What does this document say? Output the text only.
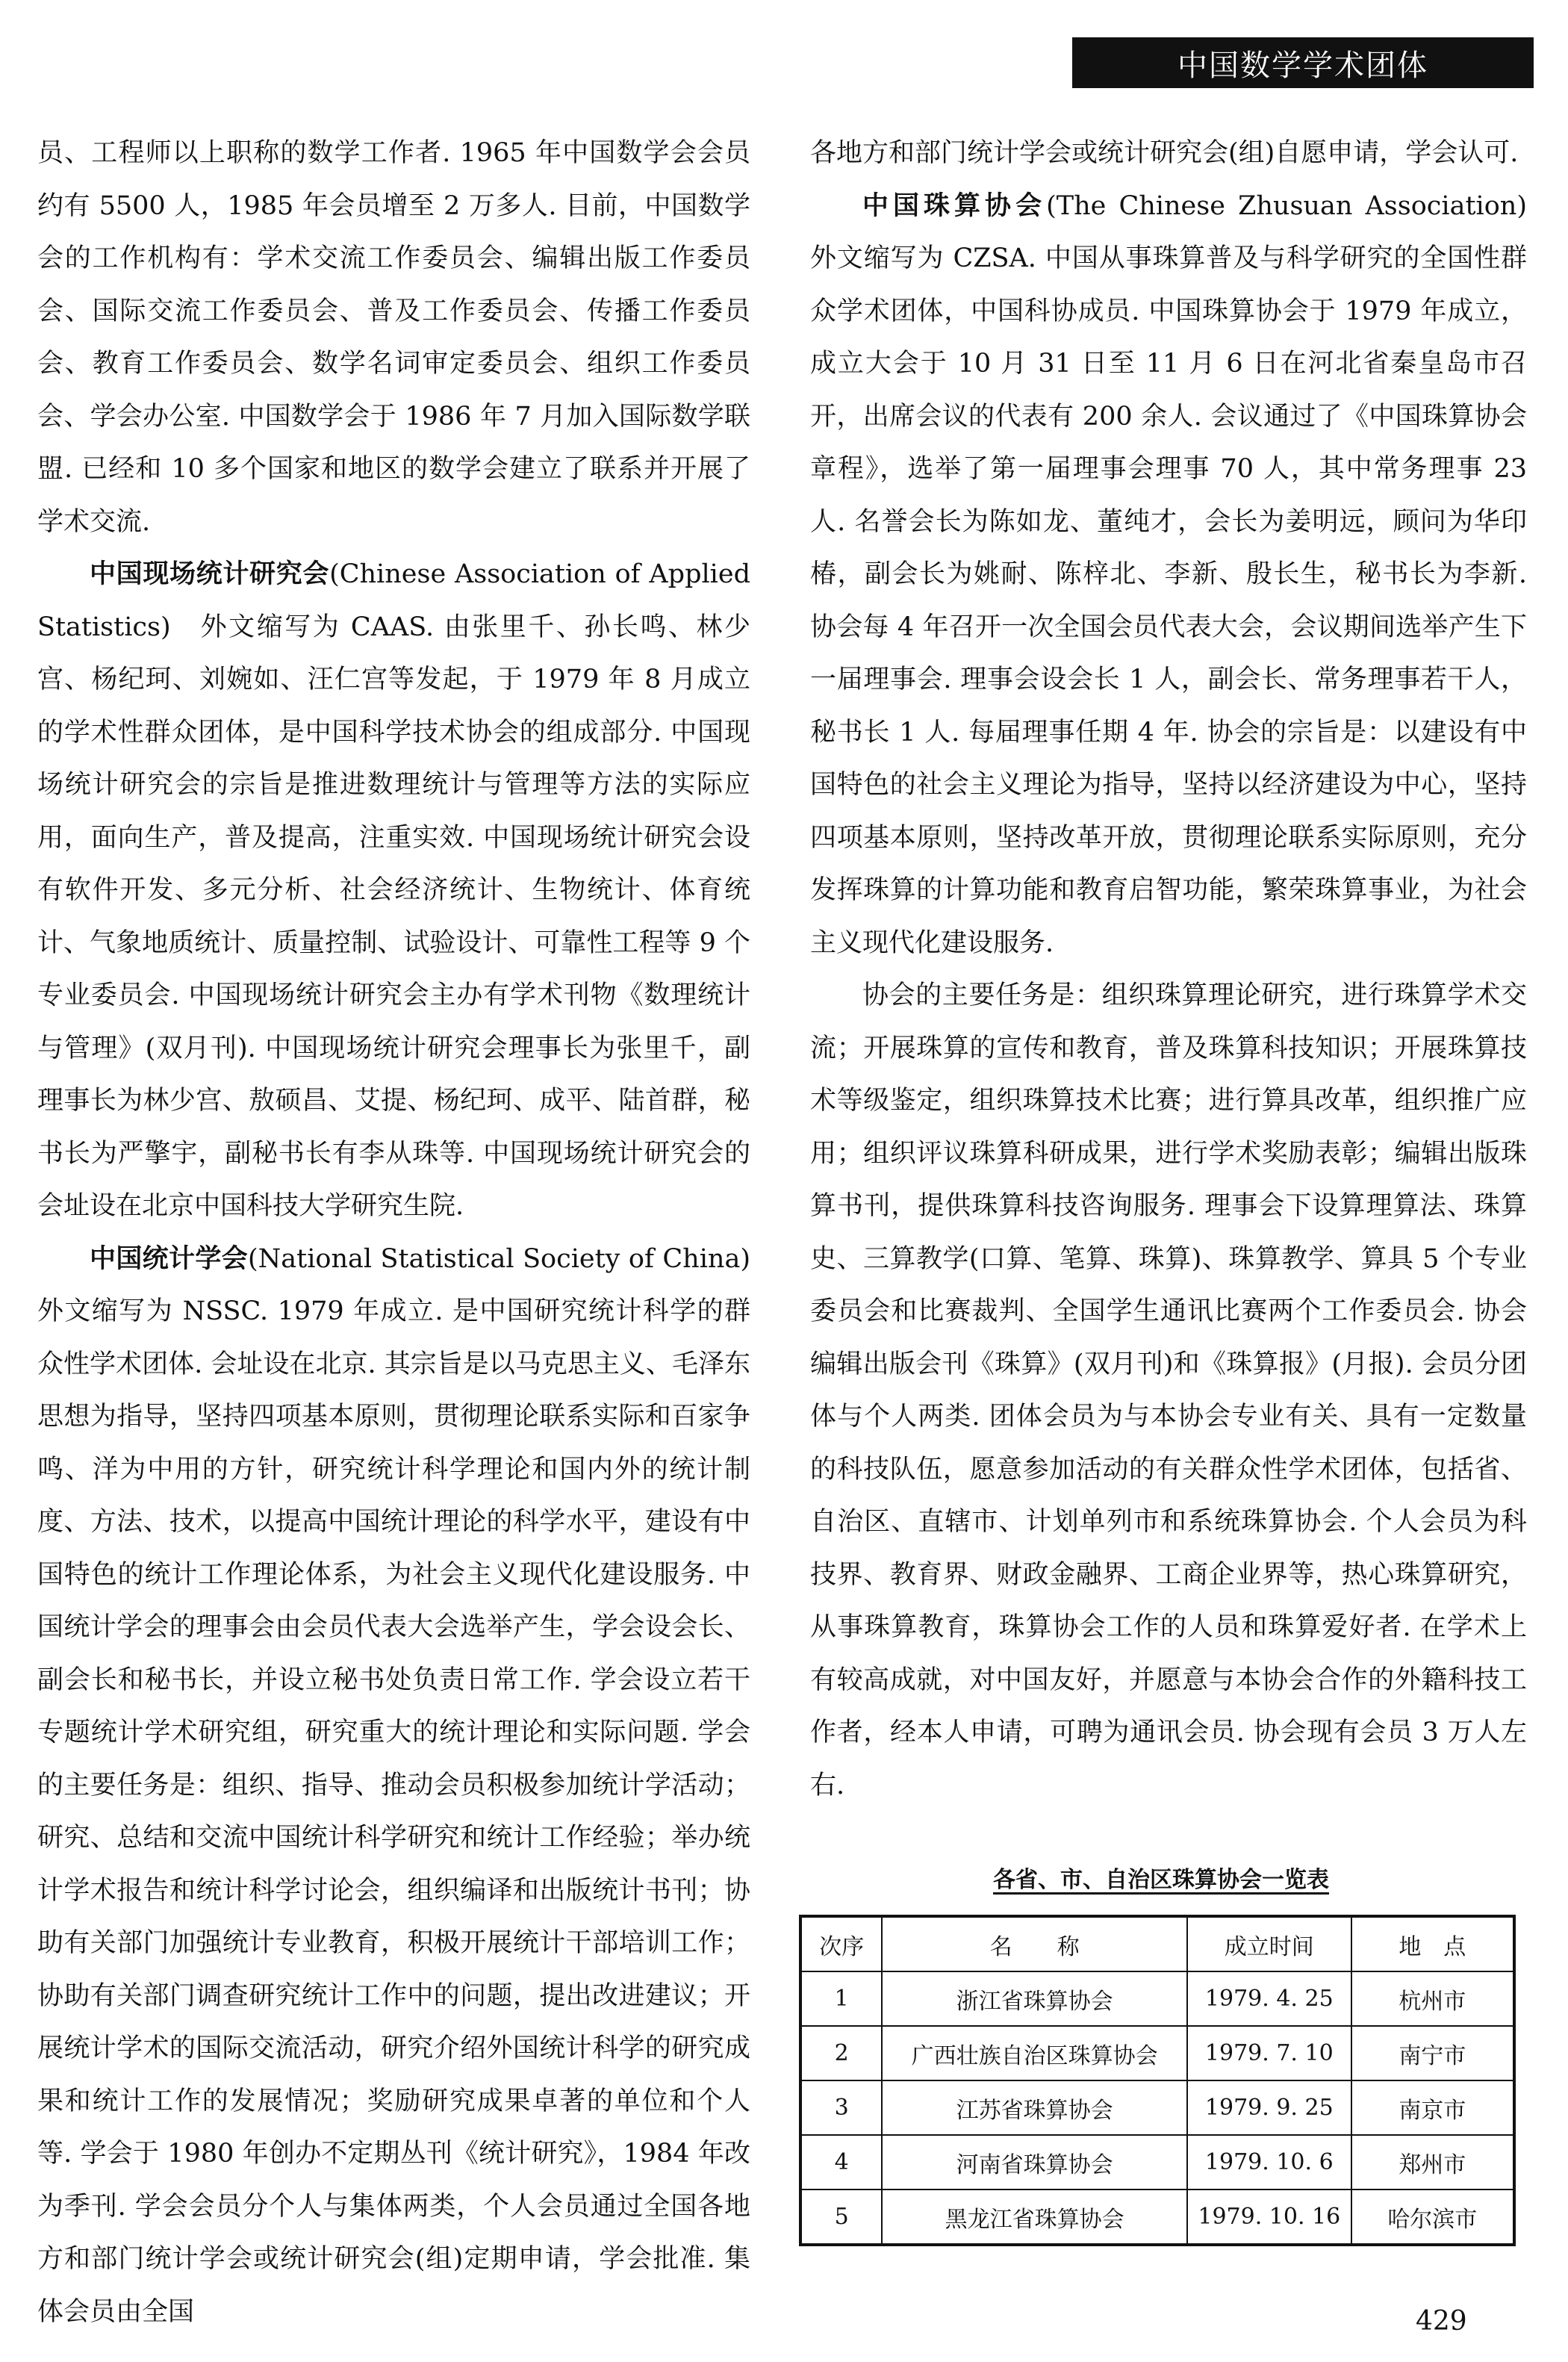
中国数学学术团体

员、工程师以上职称的数学工作者. 1965 年中国数学会会员约有 5500 人，1985 年会员增至 2 万多人. 目前，中国数学会的工作机构有：学术交流工作委员会、编辑出版工作委员会、国际交流工作委员会、普及工作委员会、传播工作委员会、教育工作委员会、数学名词审定委员会、组织工作委员会、学会办公室. 中国数学会于 1986 年 7 月加入国际数学联盟. 已经和 10 多个国家和地区的数学会建立了联系并开展了学术交流.

中国现场统计研究会(Chinese Association of Applied Statistics)　外文缩写为 CAAS. 由张里千、孙长鸣、林少宫、杨纪珂、刘婉如、汪仁宫等发起，于 1979 年 8 月成立的学术性群众团体，是中国科学技术协会的组成部分. 中国现场统计研究会的宗旨是推进数理统计与管理等方法的实际应用，面向生产，普及提高，注重实效. 中国现场统计研究会设有软件开发、多元分析、社会经济统计、生物统计、体育统计、气象地质统计、质量控制、试验设计、可靠性工程等 9 个专业委员会. 中国现场统计研究会主办有学术刊物《数理统计与管理》(双月刊). 中国现场统计研究会理事长为张里千，副理事长为林少宫、敖硕昌、艾提、杨纪珂、成平、陆首群，秘书长为严擎宇，副秘书长有李从珠等. 中国现场统计研究会的会址设在北京中国科技大学研究生院.

中国统计学会(National Statistical Society of China)　外文缩写为 NSSC. 1979 年成立. 是中国研究统计科学的群众性学术团体. 会址设在北京. 其宗旨是以马克思主义、毛泽东思想为指导，坚持四项基本原则，贯彻理论联系实际和百家争鸣、洋为中用的方针，研究统计科学理论和国内外的统计制度、方法、技术，以提高中国统计理论的科学水平，建设有中国特色的统计工作理论体系，为社会主义现代化建设服务. 中国统计学会的理事会由会员代表大会选举产生，学会设会长、副会长和秘书长，并设立秘书处负责日常工作. 学会设立若干专题统计学术研究组，研究重大的统计理论和实际问题. 学会的主要任务是：组织、指导、推动会员积极参加统计学活动；研究、总结和交流中国统计科学研究和统计工作经验；举办统计学术报告和统计科学讨论会，组织编译和出版统计书刊；协助有关部门加强统计专业教育，积极开展统计干部培训工作；协助有关部门调查研究统计工作中的问题，提出改进建议；开展统计学术的国际交流活动，研究介绍外国统计科学的研究成果和统计工作的发展情况；奖励研究成果卓著的单位和个人等. 学会于 1980 年创办不定期丛刊《统计研究》，1984 年改为季刊. 学会会员分个人与集体两类，个人会员通过全国各地方和部门统计学会或统计研究会(组)定期申请，学会批准. 集体会员由全国

各地方和部门统计学会或统计研究会(组)自愿申请，学会认可.

中国珠算协会(The Chinese Zhusuan Association)　外文缩写为 CZSA. 中国从事珠算普及与科学研究的全国性群众学术团体，中国科协成员. 中国珠算协会于 1979 年成立，成立大会于 10 月 31 日至 11 月 6 日在河北省秦皇岛市召开，出席会议的代表有 200 余人. 会议通过了《中国珠算协会章程》，选举了第一届理事会理事 70 人，其中常务理事 23 人. 名誉会长为陈如龙、董纯才，会长为姜明远，顾问为华印椿，副会长为姚耐、陈梓北、李新、殷长生，秘书长为李新. 协会每 4 年召开一次全国会员代表大会，会议期间选举产生下一届理事会. 理事会设会长 1 人，副会长、常务理事若干人，秘书长 1 人. 每届理事任期 4 年. 协会的宗旨是：以建设有中国特色的社会主义理论为指导，坚持以经济建设为中心，坚持四项基本原则，坚持改革开放，贯彻理论联系实际原则，充分发挥珠算的计算功能和教育启智功能，繁荣珠算事业，为社会主义现代化建设服务.

协会的主要任务是：组织珠算理论研究，进行珠算学术交流；开展珠算的宣传和教育，普及珠算科技知识；开展珠算技术等级鉴定，组织珠算技术比赛；进行算具改革，组织推广应用；组织评议珠算科研成果，进行学术奖励表彰；编辑出版珠算书刊，提供珠算科技咨询服务. 理事会下设算理算法、珠算史、三算教学(口算、笔算、珠算)、珠算教学、算具 5 个专业委员会和比赛裁判、全国学生通讯比赛两个工作委员会. 协会编辑出版会刊《珠算》(双月刊)和《珠算报》(月报). 会员分团体与个人两类. 团体会员为与本协会专业有关、具有一定数量的科技队伍，愿意参加活动的有关群众性学术团体，包括省、自治区、直辖市、计划单列市和系统珠算协会. 个人会员为科技界、教育界、财政金融界、工商企业界等，热心珠算研究，从事珠算教育，珠算协会工作的人员和珠算爱好者. 在学术上有较高成就，对中国友好，并愿意与本协会合作的外籍科技工作者，经本人申请，可聘为通讯会员. 协会现有会员 3 万人左右.

各省、市、自治区珠算协会一览表
次序	名　　称	成立时间	地　点
1	浙江省珠算协会	1979. 4. 25	杭州市
2	广西壮族自治区珠算协会	1979. 7. 10	南宁市
3	江苏省珠算协会	1979. 9. 25	南京市
4	河南省珠算协会	1979. 10. 6	郑州市
5	黑龙江省珠算协会	1979. 10. 16	哈尔滨市
429
